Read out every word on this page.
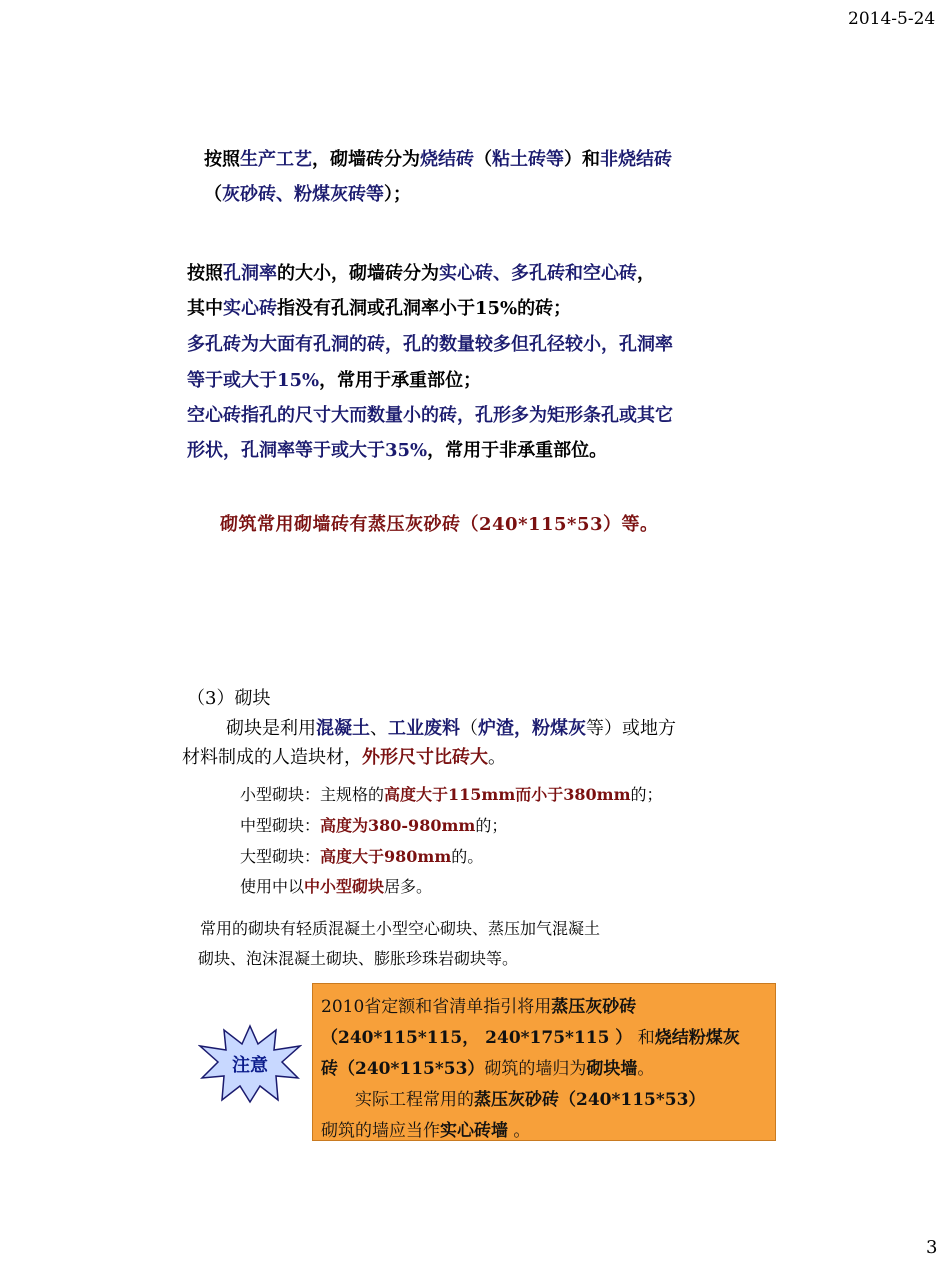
2014-5-24
3
按照生产工艺，砌墙砖分为烧结砖（粘土砖等）和非烧结砖
（灰砂砖、粉煤灰砖等）；
按照孔洞率的大小，砌墙砖分为实心砖、多孔砖和空心砖，
其中实心砖指没有孔洞或孔洞率小于15%的砖；
多孔砖为大面有孔洞的砖，孔的数量较多但孔径较小，孔洞率
等于或大于15%，常用于承重部位；
空心砖指孔的尺寸大而数量小的砖，孔形多为矩形条孔或其它
形状，孔洞率等于或大于35%，常用于非承重部位。
砌筑常用砌墙砖有蒸压灰砂砖（240*115*53）等。
（3）砌块
砌块是利用混凝土、工业废料（炉渣，粉煤灰等）或地方
材料制成的人造块材，外形尺寸比砖大。
小型砌块：主规格的高度大于115mm而小于380mm的；
中型砌块：高度为380-980mm的；
大型砌块：高度大于980mm的。
使用中以中小型砌块居多。
常用的砌块有轻质混凝土小型空心砌块、蒸压加气混凝土
砌块、泡沫混凝土砌块、膨胀珍珠岩砌块等。
注意
2010省定额和省清单指引将用蒸压灰砂砖
（240*115*115， 240*175*115 ） 和烧结粉煤灰
砖（240*115*53）砌筑的墙归为砌块墙。
　　实际工程常用的蒸压灰砂砖（240*115*53）
砌筑的墙应当作实心砖墙 。
